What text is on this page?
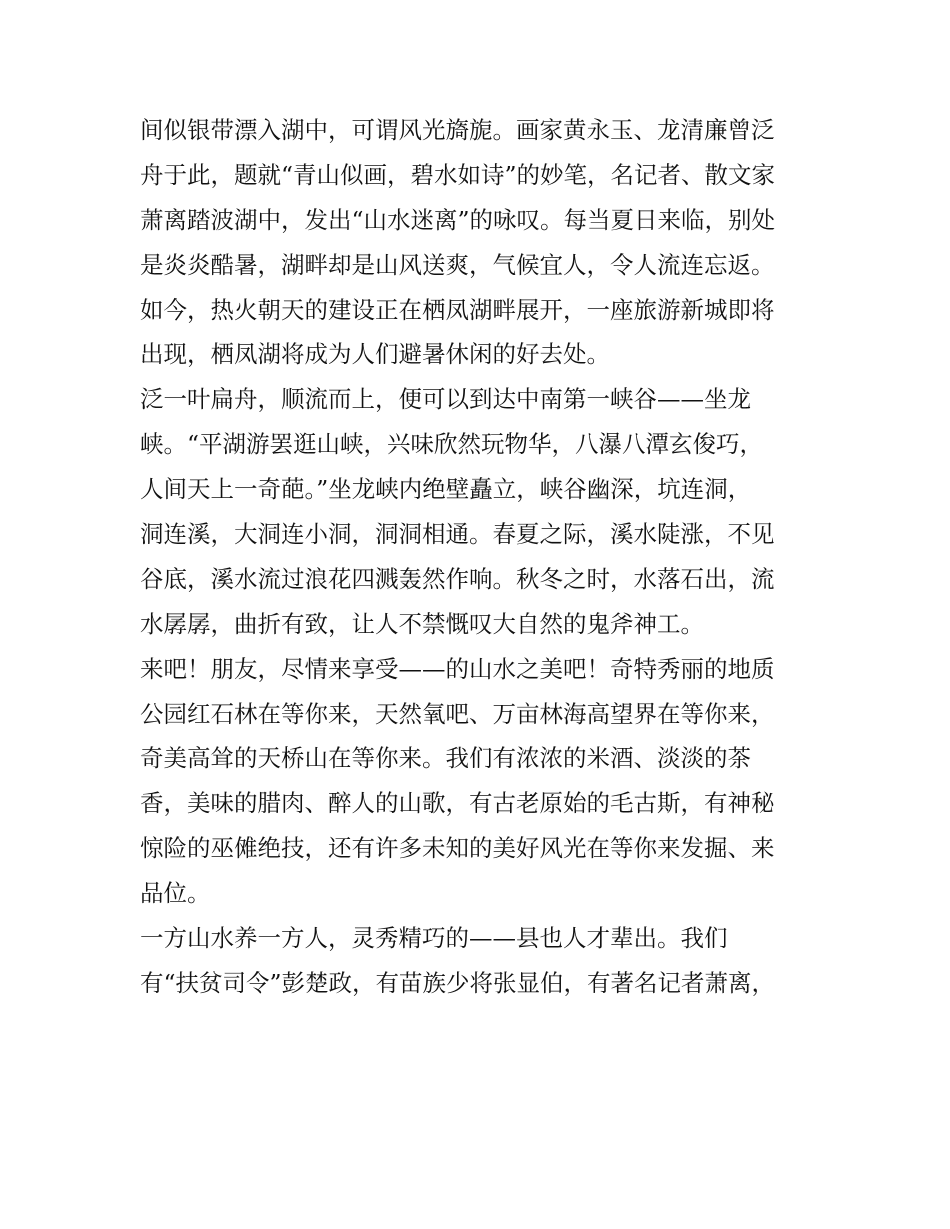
间似银带漂入湖中，可谓风光旖旎。画家黄永玉、龙清廉曾泛
舟于此，题就“青山似画，碧水如诗”的妙笔，名记者、散文家
萧离踏波湖中，发出“山水迷离”的咏叹。每当夏日来临，别处
是炎炎酷暑，湖畔却是山风送爽，气候宜人，令人流连忘返。
如今，热火朝天的建设正在栖凤湖畔展开，一座旅游新城即将
出现，栖凤湖将成为人们避暑休闲的好去处。
泛一叶扁舟，顺流而上，便可以到达中南第一峡谷——坐龙
峡。“平湖游罢逛山峡，兴味欣然玩物华，八瀑八潭玄俊巧，
人间天上一奇葩。”坐龙峡内绝壁矗立，峡谷幽深，坑连洞，
洞连溪，大洞连小洞，洞洞相通。春夏之际，溪水陡涨，不见
谷底，溪水流过浪花四溅轰然作响。秋冬之时，水落石出，流
水孱孱，曲折有致，让人不禁慨叹大自然的鬼斧神工。
来吧！朋友，尽情来享受——的山水之美吧！奇特秀丽的地质
公园红石林在等你来，天然氧吧、万亩林海高望界在等你来，
奇美高耸的天桥山在等你来。我们有浓浓的米酒、淡淡的茶
香，美味的腊肉、醉人的山歌，有古老原始的毛古斯，有神秘
惊险的巫傩绝技，还有许多未知的美好风光在等你来发掘、来
品位。
一方山水养一方人，灵秀精巧的——县也人才辈出。我们
有“扶贫司令”彭楚政，有苗族少将张显伯，有著名记者萧离，
